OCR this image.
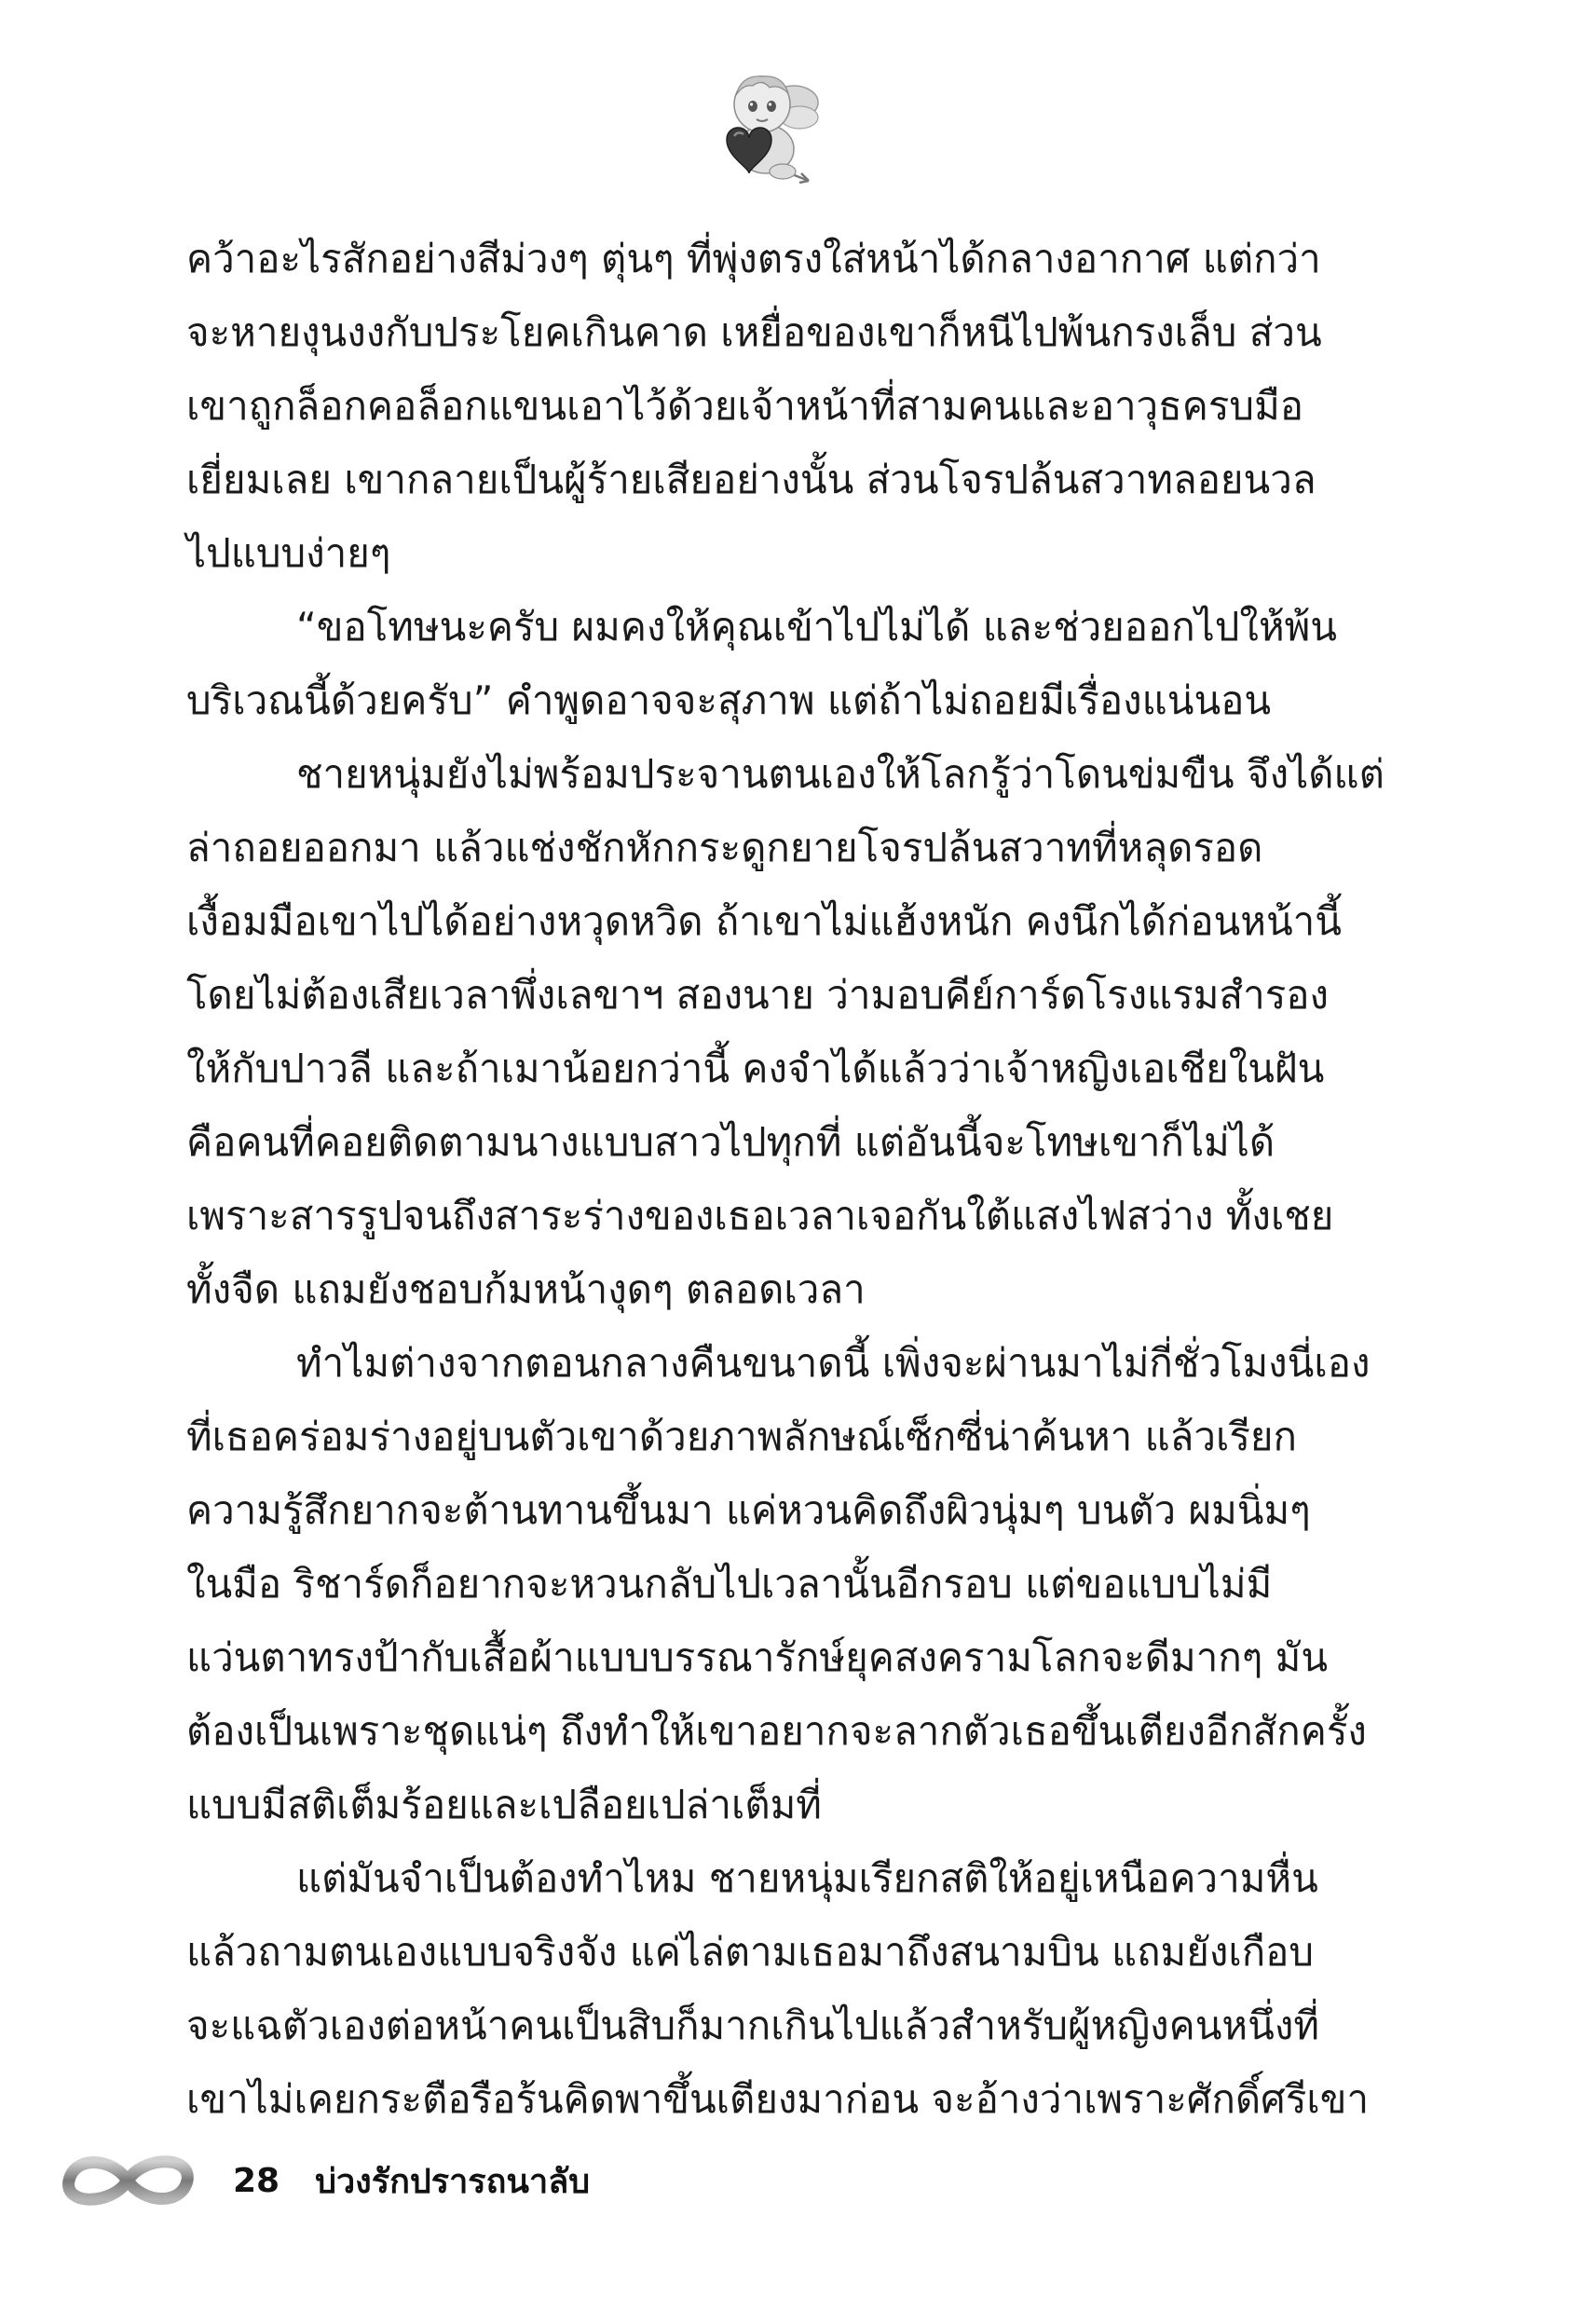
คว้าอะไรสักอย่างสีม่วงๆ ตุ่นๆ ที่พุ่งตรงใส่หน้าได้กลางอากาศ แต่กว่า
จะหายงุนงงกับประโยคเกินคาด เหยื่อของเขาก็หนีไปพ้นกรงเล็บ ส่วน
เขาถูกล็อกคอล็อกแขนเอาไว้ด้วยเจ้าหน้าที่สามคนและอาวุธครบมือ
เยี่ยมเลย เขากลายเป็นผู้ร้ายเสียอย่างนั้น ส่วนโจรปล้นสวาทลอยนวล
ไปแบบง่ายๆ
“ขอโทษนะครับ ผมคงให้คุณเข้าไปไม่ได้ และช่วยออกไปให้พ้น
บริเวณนี้ด้วยครับ” คำพูดอาจจะสุภาพ แต่ถ้าไม่ถอยมีเรื่องแน่นอน
ชายหนุ่มยังไม่พร้อมประจานตนเองให้โลกรู้ว่าโดนข่มขืน จึงได้แต่
ล่าถอยออกมา แล้วแช่งชักหักกระดูกยายโจรปล้นสวาทที่หลุดรอด
เงื้อมมือเขาไปได้อย่างหวุดหวิด ถ้าเขาไม่แฮ้งหนัก คงนึกได้ก่อนหน้านี้
โดยไม่ต้องเสียเวลาพึ่งเลขาฯ สองนาย ว่ามอบคีย์การ์ดโรงแรมสำรอง
ให้กับปาวลี และถ้าเมาน้อยกว่านี้ คงจำได้แล้วว่าเจ้าหญิงเอเชียในฝัน
คือคนที่คอยติดตามนางแบบสาวไปทุกที่ แต่อันนี้จะโทษเขาก็ไม่ได้
เพราะสารรูปจนถึงสาระร่างของเธอเวลาเจอกันใต้แสงไฟสว่าง ทั้งเชย
ทั้งจืด แถมยังชอบก้มหน้างุดๆ ตลอดเวลา
ทำไมต่างจากตอนกลางคืนขนาดนี้ เพิ่งจะผ่านมาไม่กี่ชั่วโมงนี่เอง
ที่เธอคร่อมร่างอยู่บนตัวเขาด้วยภาพลักษณ์เซ็กซี่น่าค้นหา แล้วเรียก
ความรู้สึกยากจะต้านทานขึ้นมา แค่หวนคิดถึงผิวนุ่มๆ บนตัว ผมนิ่มๆ
ในมือ ริชาร์ดก็อยากจะหวนกลับไปเวลานั้นอีกรอบ แต่ขอแบบไม่มี
แว่นตาทรงป้ากับเสื้อผ้าแบบบรรณารักษ์ยุคสงครามโลกจะดีมากๆ มัน
ต้องเป็นเพราะชุดแน่ๆ ถึงทำให้เขาอยากจะลากตัวเธอขึ้นเตียงอีกสักครั้ง
แบบมีสติเต็มร้อยและเปลือยเปล่าเต็มที่
แต่มันจำเป็นต้องทำไหม ชายหนุ่มเรียกสติให้อยู่เหนือความหื่น
แล้วถามตนเองแบบจริงจัง แค่ไล่ตามเธอมาถึงสนามบิน แถมยังเกือบ
จะแฉตัวเองต่อหน้าคนเป็นสิบก็มากเกินไปแล้วสำหรับผู้หญิงคนหนึ่งที่
เขาไม่เคยกระตือรือร้นคิดพาขึ้นเตียงมาก่อน จะอ้างว่าเพราะศักดิ์ศรีเขา
28 บ่วงรักปรารถนาลับ
